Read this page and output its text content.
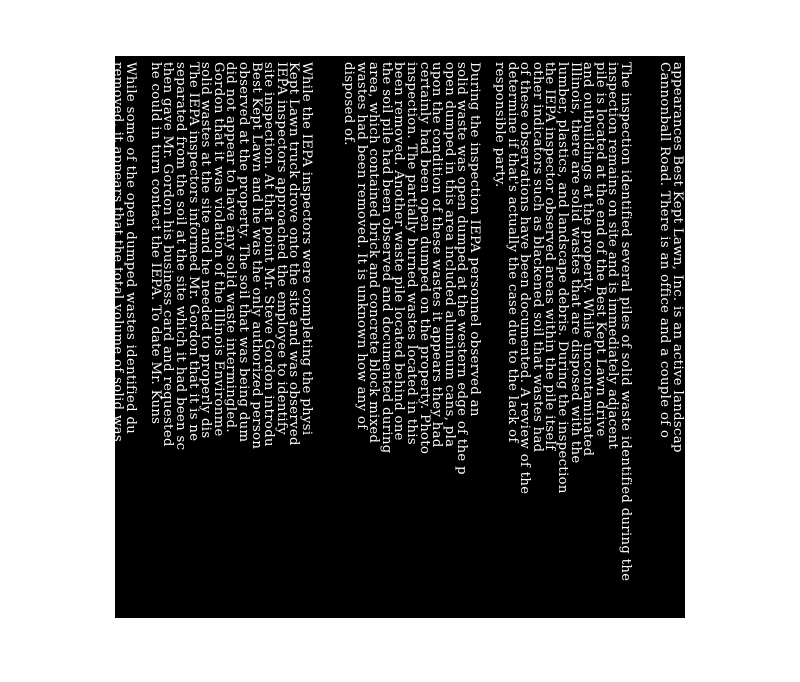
appearances Best Kept Lawn, Inc. is an active landscap
Cannonball Road. There is an office and a couple of o
The inspection identified several piles of solid waste identified during the
inspection remains on site and is immediately adjacent
pile is located at the end of the Best Kept Lawn drive
and outbuildings at the property. While uncontaminated
Illinois, there are solid wastes that are disposed with the
lumber, plastics, and landscape debris. During the inspection
the IEPA inspector observed areas within the pile itself
other indicators such as blackened soil that wastes had
of these observations have been documented. A review of the
determine if that's actually the case due to the lack of
responsible party.
During the inspection IEPA personnel observed an
solid waste was open dumped at the western edge of the p
open dumped in this area included aluminum cans, pla
upon the condition of these wastes it appears they had
certainly had been open dumped on the property. Photo
inspection. The partially burned wastes located in this
been removed. Another waste pile located behind one
the soil pile had been observed and documented during
area, which contained brick and concrete block mixed
wastes had been removed. It is unknown how any of
disposed of.
While the IEPA inspectors were completing the physi
Kept Lawn truck drove onto the site and was observed
IEPA inspectors approached the employee to identify
site inspection. At that point Mr. Steve Gordon introdu
Best Kept Lawn and he was the only authorized person
observed at the property. The soil that was being dum
did not appear to have any solid waste intermingled.
Gordon that it was violation of the Illinois Environme
solid wastes at the site and he needed to properly dis
The IEPA inspectors informed Mr. Gordon that it is ne
separated from the soil at the site which it had been sc
then gave Mr. Gordon his business card and requested
he could in turn contact the IEPA. To date Mr. Kuns

While some of the open dumped wastes identified du
removed, it appears that the total volume of solid was
increased since the complaint inspection. It also appe
2
